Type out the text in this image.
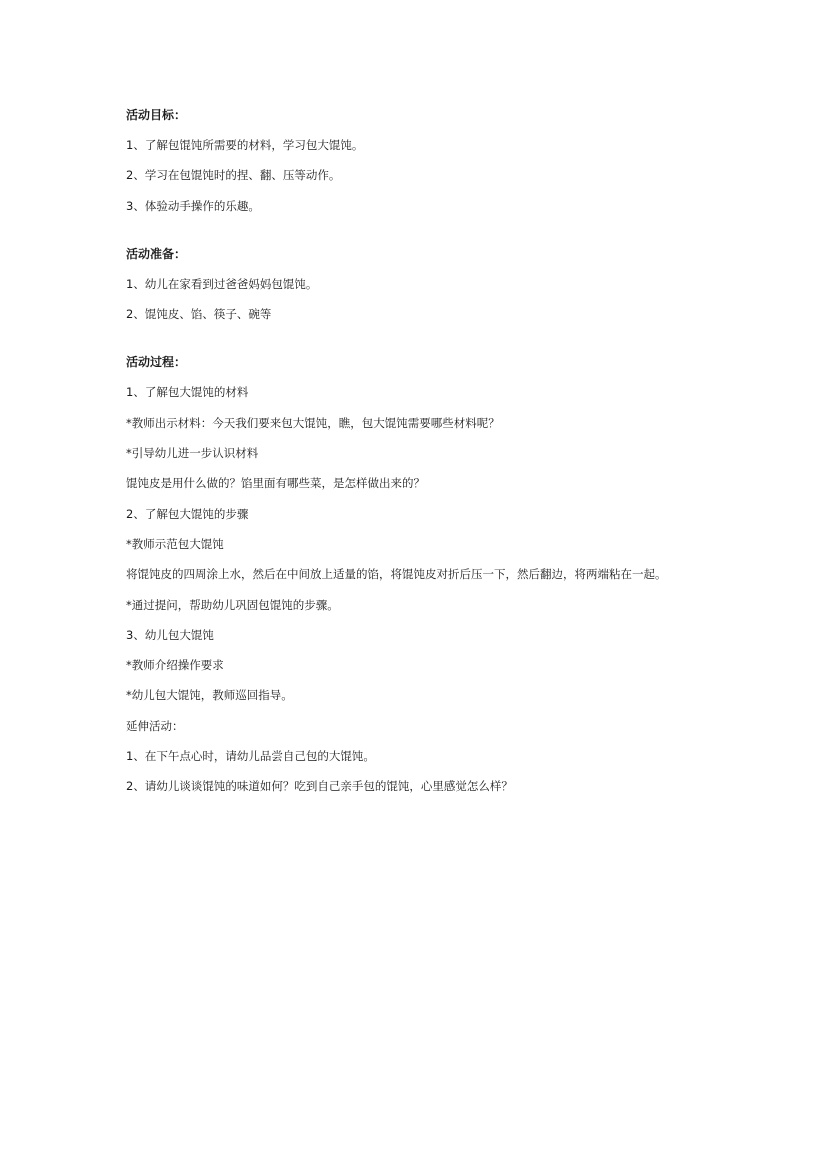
活动目标：
1、了解包馄饨所需要的材料，学习包大馄饨。
2、学习在包馄饨时的捏、翻、压等动作。
3、体验动手操作的乐趣。
活动准备：
1、幼儿在家看到过爸爸妈妈包馄饨。
2、馄饨皮、馅、筷子、碗等
活动过程：
1、了解包大馄饨的材料
*教师出示材料：今天我们要来包大馄饨，瞧，包大馄饨需要哪些材料呢？
*引导幼儿进一步认识材料
馄饨皮是用什么做的？馅里面有哪些菜，是怎样做出来的？
2、了解包大馄饨的步骤
*教师示范包大馄饨
将馄饨皮的四周涂上水，然后在中间放上适量的馅，将馄饨皮对折后压一下，然后翻边，将两端粘在一起。
*通过提问，帮助幼儿巩固包馄饨的步骤。
3、幼儿包大馄饨
*教师介绍操作要求
*幼儿包大馄饨，教师巡回指导。
延伸活动：
1、在下午点心时，请幼儿品尝自己包的大馄饨。
2、请幼儿谈谈馄饨的味道如何？吃到自己亲手包的馄饨，心里感觉怎么样？
